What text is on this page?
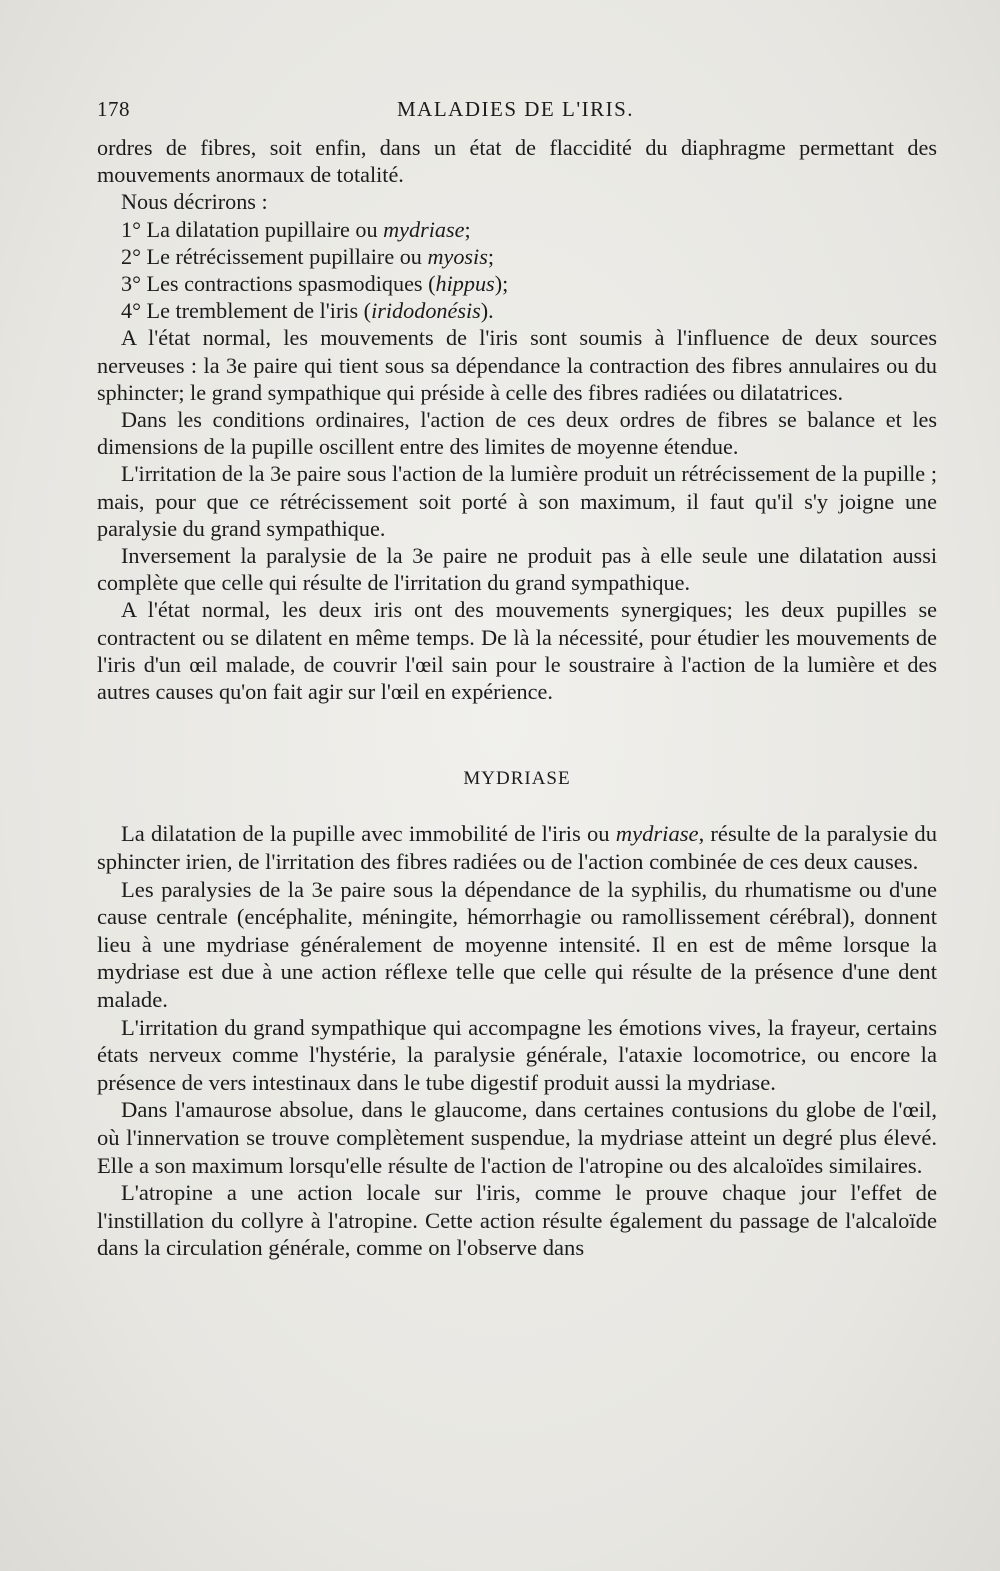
178	MALADIES DE L'IRIS.

ordres de fibres, soit enfin, dans un état de flaccidité du diaphragme permettant des mouvements anormaux de totalité.

Nous décrirons :

1° La dilatation pupillaire ou mydriase;

2° Le rétrécissement pupillaire ou myosis;

3° Les contractions spasmodiques (hippus);

4° Le tremblement de l'iris (iridodonésis).

A l'état normal, les mouvements de l'iris sont soumis à l'influence de deux sources nerveuses : la 3e paire qui tient sous sa dépendance la contraction des fibres annulaires ou du sphincter; le grand sympathique qui préside à celle des fibres radiées ou dilatatrices.

Dans les conditions ordinaires, l'action de ces deux ordres de fibres se balance et les dimensions de la pupille oscillent entre des limites de moyenne étendue.

L'irritation de la 3e paire sous l'action de la lumière produit un rétrécissement de la pupille ; mais, pour que ce rétrécissement soit porté à son maximum, il faut qu'il s'y joigne une paralysie du grand sympathique.

Inversement la paralysie de la 3e paire ne produit pas à elle seule une dilatation aussi complète que celle qui résulte de l'irritation du grand sympathique.

A l'état normal, les deux iris ont des mouvements synergiques; les deux pupilles se contractent ou se dilatent en même temps. De là la nécessité, pour étudier les mouvements de l'iris d'un œil malade, de couvrir l'œil sain pour le soustraire à l'action de la lumière et des autres causes qu'on fait agir sur l'œil en expérience.

MYDRIASE

La dilatation de la pupille avec immobilité de l'iris ou mydriase, résulte de la paralysie du sphincter irien, de l'irritation des fibres radiées ou de l'action combinée de ces deux causes.

Les paralysies de la 3e paire sous la dépendance de la syphilis, du rhumatisme ou d'une cause centrale (encéphalite, méningite, hémorrhagie ou ramollissement cérébral), donnent lieu à une mydriase généralement de moyenne intensité. Il en est de même lorsque la mydriase est due à une action réflexe telle que celle qui résulte de la présence d'une dent malade.

L'irritation du grand sympathique qui accompagne les émotions vives, la frayeur, certains états nerveux comme l'hystérie, la paralysie générale, l'ataxie locomotrice, ou encore la présence de vers intestinaux dans le tube digestif produit aussi la mydriase.

Dans l'amaurose absolue, dans le glaucome, dans certaines contusions du globe de l'œil, où l'innervation se trouve complètement suspendue, la mydriase atteint un degré plus élevé. Elle a son maximum lorsqu'elle résulte de l'action de l'atropine ou des alcaloïdes similaires.

L'atropine a une action locale sur l'iris, comme le prouve chaque jour l'effet de l'instillation du collyre à l'atropine. Cette action résulte également du passage de l'alcaloïde dans la circulation générale, comme on l'observe dans
